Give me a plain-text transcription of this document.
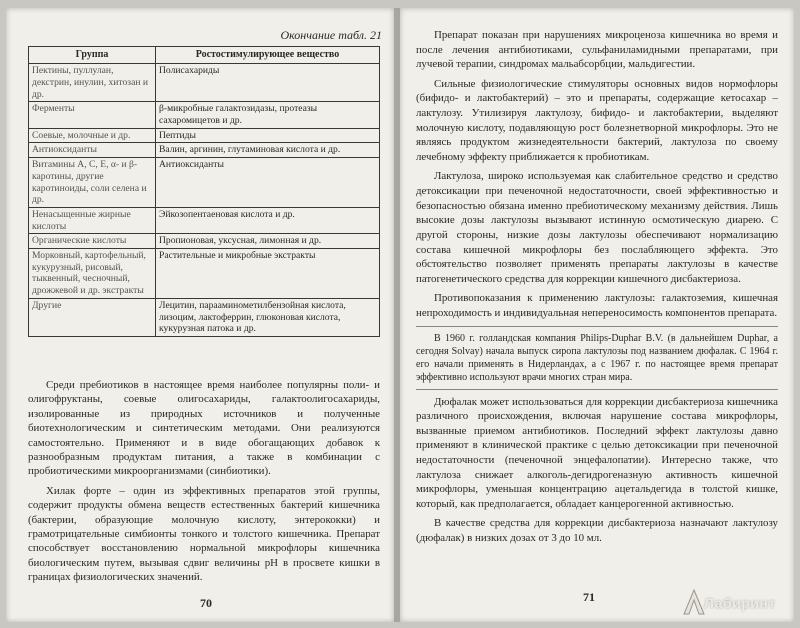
Окончание табл. 21
Группа	Ростостимулирующее вещество
Пектины, пуллулан, декстрин, инулин, хитозан и др.	Полисахариды
Ферменты	β-микробные галактозидазы, протеазы сахаромицетов и др.
Соевые, молочные и др.	Пептиды
Антиоксиданты	Валин, аргинин, глутаминовая кислота и др.
Витамины А, С, Е, α- и β-каротины, другие каротиноиды, соли селена и др.	Антиоксиданты
Ненасыщенные жирные кислоты	Эйкозопентаеновая кислота и др.
Органические кислоты	Пропионовая, уксусная, лимонная и др.
Морковный, картофельный, кукурузный, рисовый, тыквенный, чесночный, дрожжевой и др. экстракты	Растительные и микробные экстракты
Другие	Лецитин, парааминометилбензойная кислота, лизоцим, лактоферрин, глюконовая кислота, кукурузная патока и др.

Среди пребиотиков в настоящее время наиболее популярны поли- и олигофруктаны, соевые олигосахариды, галактоолигосахариды, изолированные из природных источников и полученные биотехнологическим и синтетическим методами. Они реализуются самостоятельно. Применяют и в виде обогащающих добавок к разнообразным продуктам питания, а также в комбинации с пробиотическими микроорганизмами (синбиотики).

Хилак форте – один из эффективных препаратов этой группы, содержит продукты обмена веществ естественных бактерий кишечника (бактерии, образующие молочную кислоту, энтерококки) и грамотрицательные симбионты тонкого и толстого кишечника. Препарат способствует восстановлению нормальной микрофлоры кишечника биологическим путем, вызывая сдвиг величины рН в просвете кишки в границах физиологических значений.

70

Препарат показан при нарушениях микроценоза кишечника во время и после лечения антибиотиками, сульфаниламидными препаратами, при лучевой терапии, синдромах мальабсорбции, мальдигестии.

Сильные физиологические стимуляторы основных видов нормофлоры (бифидо- и лактобактерий) – это и препараты, содержащие кетосахар – лактулозу. Утилизируя лактулозу, бифидо- и лактобактерии, выделяют молочную кислоту, подавляющую рост болезнетворной микрофлоры. Это не являясь продуктом жизнедеятельности бактерий, лактулоза по своему лечебному эффекту приближается к пробиотикам.

Лактулоза, широко используемая как слабительное средство и средство детоксикации при печеночной недостаточности, своей эффективностью и безопасностью обязана именно пребиотическому механизму действия. Лишь высокие дозы лактулозы вызывают истинную осмотическую диарею. С другой стороны, низкие дозы лактулозы обеспечивают нормализацию состава кишечной микрофлоры без послабляющего эффекта. Это обстоятельство позволяет применять препараты лактулозы в качестве патогенетического средства для коррекции кишечного дисбактериоза.

Противопоказания к применению лактулозы: галактоземия, кишечная непроходимость и индивидуальная непереносимость компонентов препарата.

В 1960 г. голландская компания Philips-Duphar B.V. (в дальнейшем Duphar, а сегодня Solvay) начала выпуск сиропа лактулозы под названием дюфалак. С 1964 г. его начали применять в Нидерландах, а с 1967 г. по настоящее время препарат эффективно используют врачи многих стран мира.

Дюфалак может использоваться для коррекции дисбактериоза кишечника различного происхождения, включая нарушение состава микрофлоры, вызванные приемом антибиотиков. Последний эффект лактулозы давно применяют в клинической практике с целью детоксикации при печеночной недостаточности (печеночной энцефалопатии). Интересно также, что лактулоза снижает алкоголь-дегидрогеназную активность кишечной микрофлоры, уменьшая концентрацию ацетальдегида в толстой кишке, который, как предполагается, обладает канцерогенной активностью.

В качестве средства для коррекции дисбактериоза назначают лактулозу (дюфалак) в низких дозах от 3 до 10 мл.

71	Лабиринт
